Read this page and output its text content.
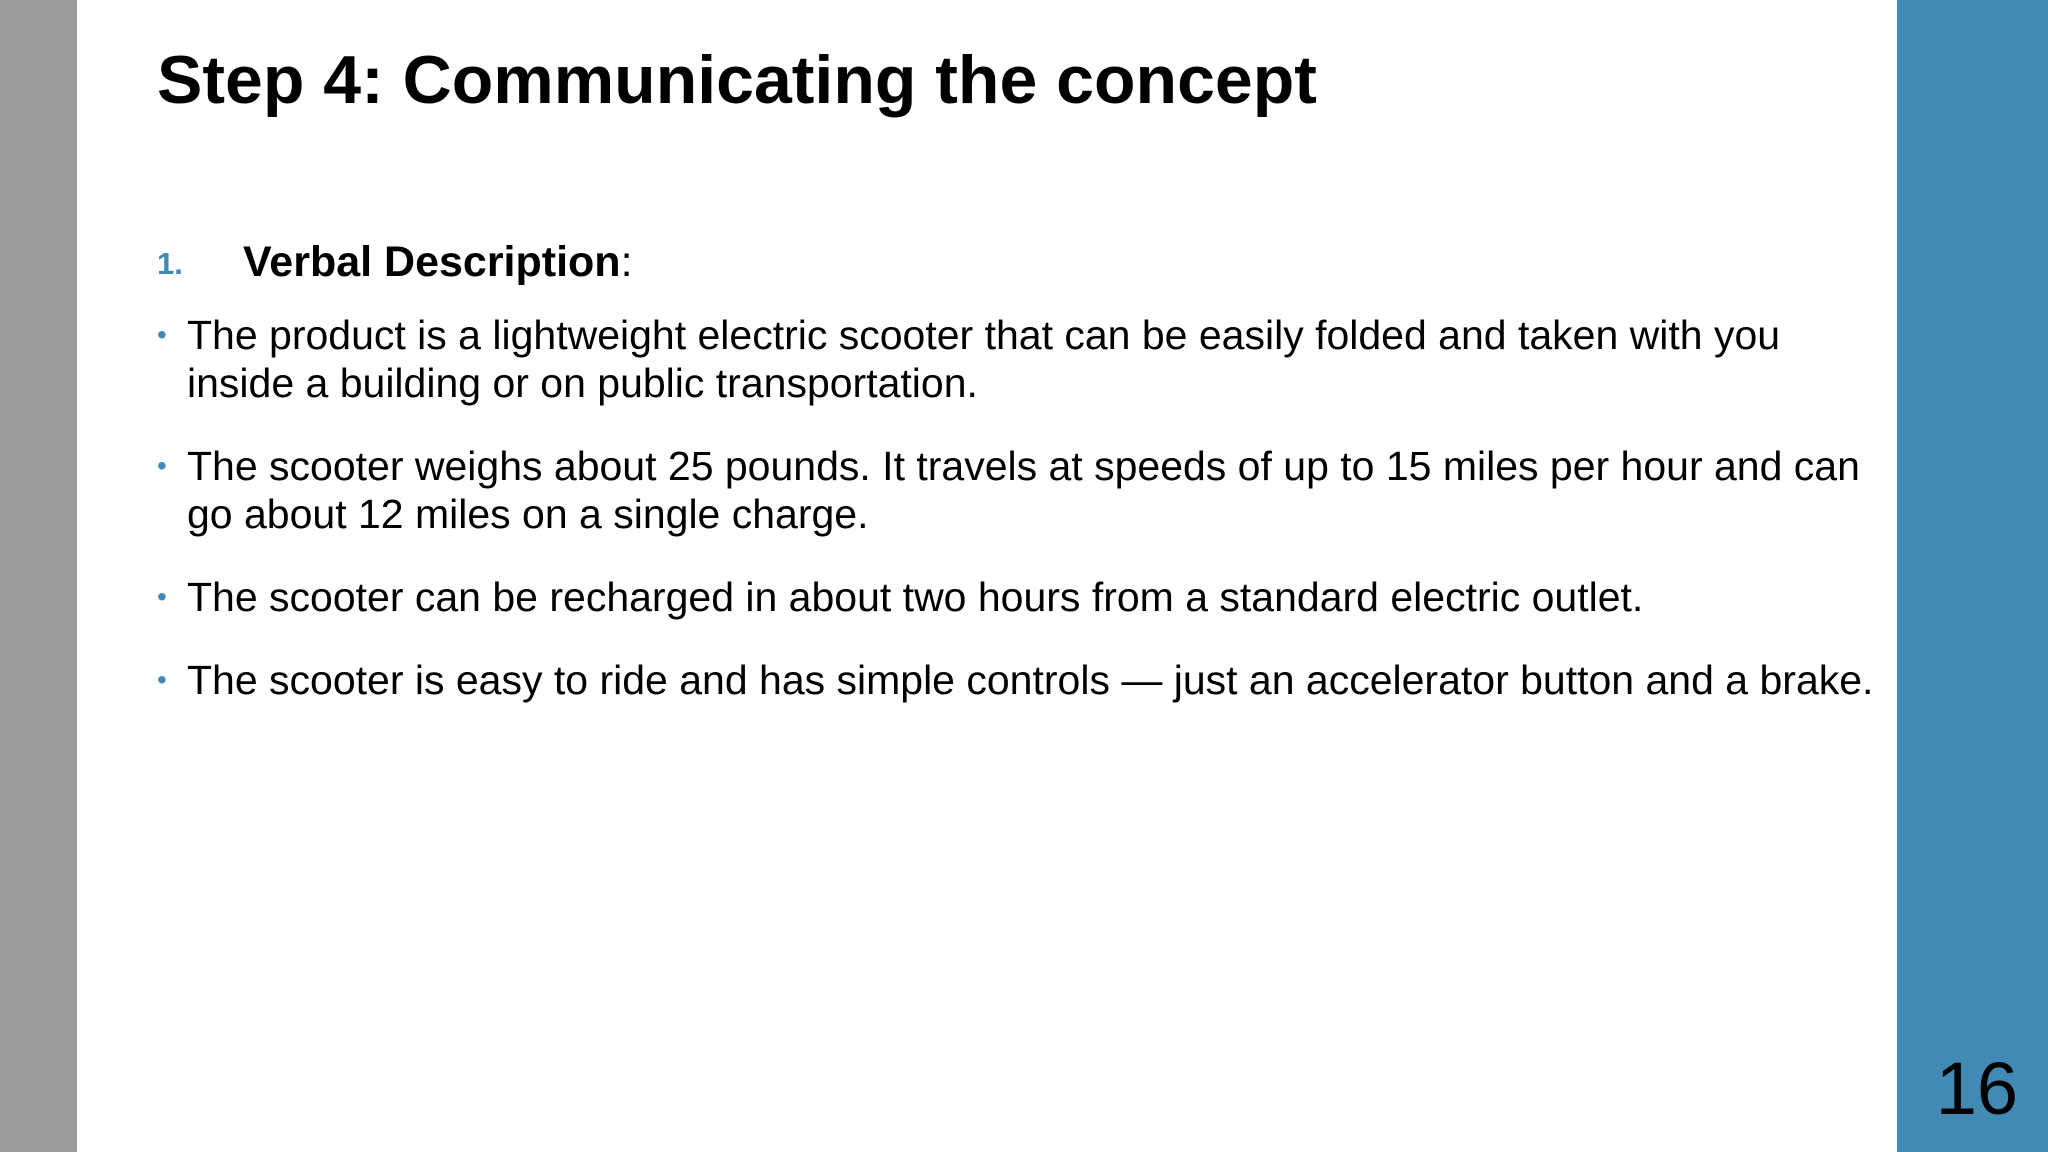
16
Step 4: Communicating the concept
1. Verbal Description:
• The product is a lightweight electric scooter that can be easily folded and taken with you inside a building or on public transportation.
• The scooter weighs about 25 pounds. It travels at speeds of up to 15 miles per hour and can go about 12 miles on a single charge.
• The scooter can be recharged in about two hours from a standard electric outlet.
• The scooter is easy to ride and has simple controls — just an accelerator button and a brake.
